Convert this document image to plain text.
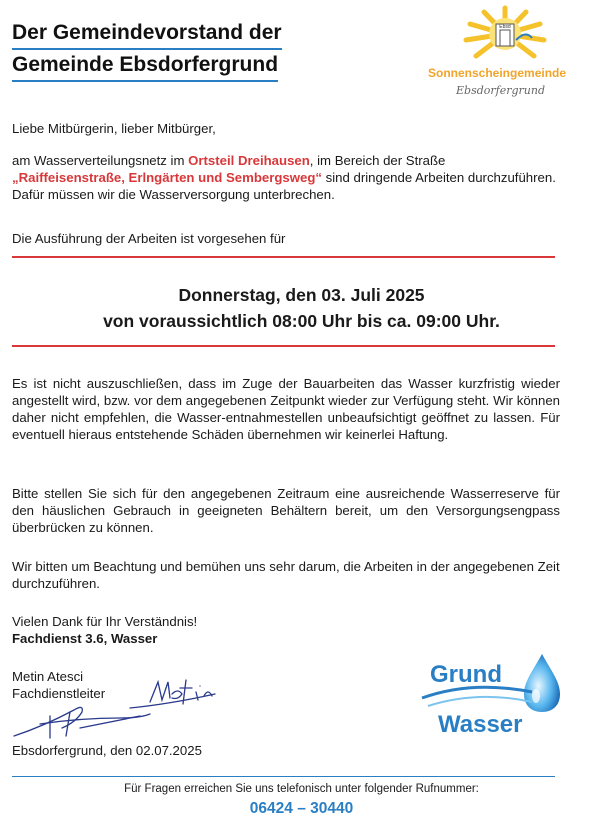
Der Gemeindevorstand der
Gemeinde Ebsdorfergrund
Ebsd
Sonnenscheingemeinde
Ebsdorfergrund
Liebe Mitbürgerin, lieber Mitbürger,
am Wasserverteilungsnetz im Ortsteil Dreihausen, im Bereich der Straße „Raiffeisenstraße, Erlngärten und Sembergsweg“ sind dringende Arbeiten durchzuführen. Dafür müssen wir die Wasserversorgung unterbrechen.
Die Ausführung der Arbeiten ist vorgesehen für
Donnerstag, den 03. Juli 2025
von voraussichtlich 08:00 Uhr bis ca. 09:00 Uhr.
Es ist nicht auszuschließen, dass im Zuge der Bauarbeiten das Wasser kurzfristig wieder angestellt wird, bzw. vor dem angegebenen Zeitpunkt wieder zur Verfügung steht. Wir können daher nicht empfehlen, die Wasser-entnahmestellen unbeaufsichtigt geöffnet zu lassen. Für eventuell hieraus entstehende Schäden übernehmen wir keinerlei Haftung.
Bitte stellen Sie sich für den angegebenen Zeitraum eine ausreichende Wasserreserve für den häuslichen Gebrauch in geeigneten Behältern bereit, um den Versorgungsengpass überbrücken zu können.
Wir bitten um Beachtung und bemühen uns sehr darum, die Arbeiten in der angegebenen Zeit durchzuführen.
Vielen Dank für Ihr Verständnis!
Fachdienst 3.6, Wasser
Metin Atesci
Fachdienstleiter
Ebsdorfergrund, den 02.07.2025
Grund
Wasser
Für Fragen erreichen Sie uns telefonisch unter folgender Rufnummer:
06424 – 30440
